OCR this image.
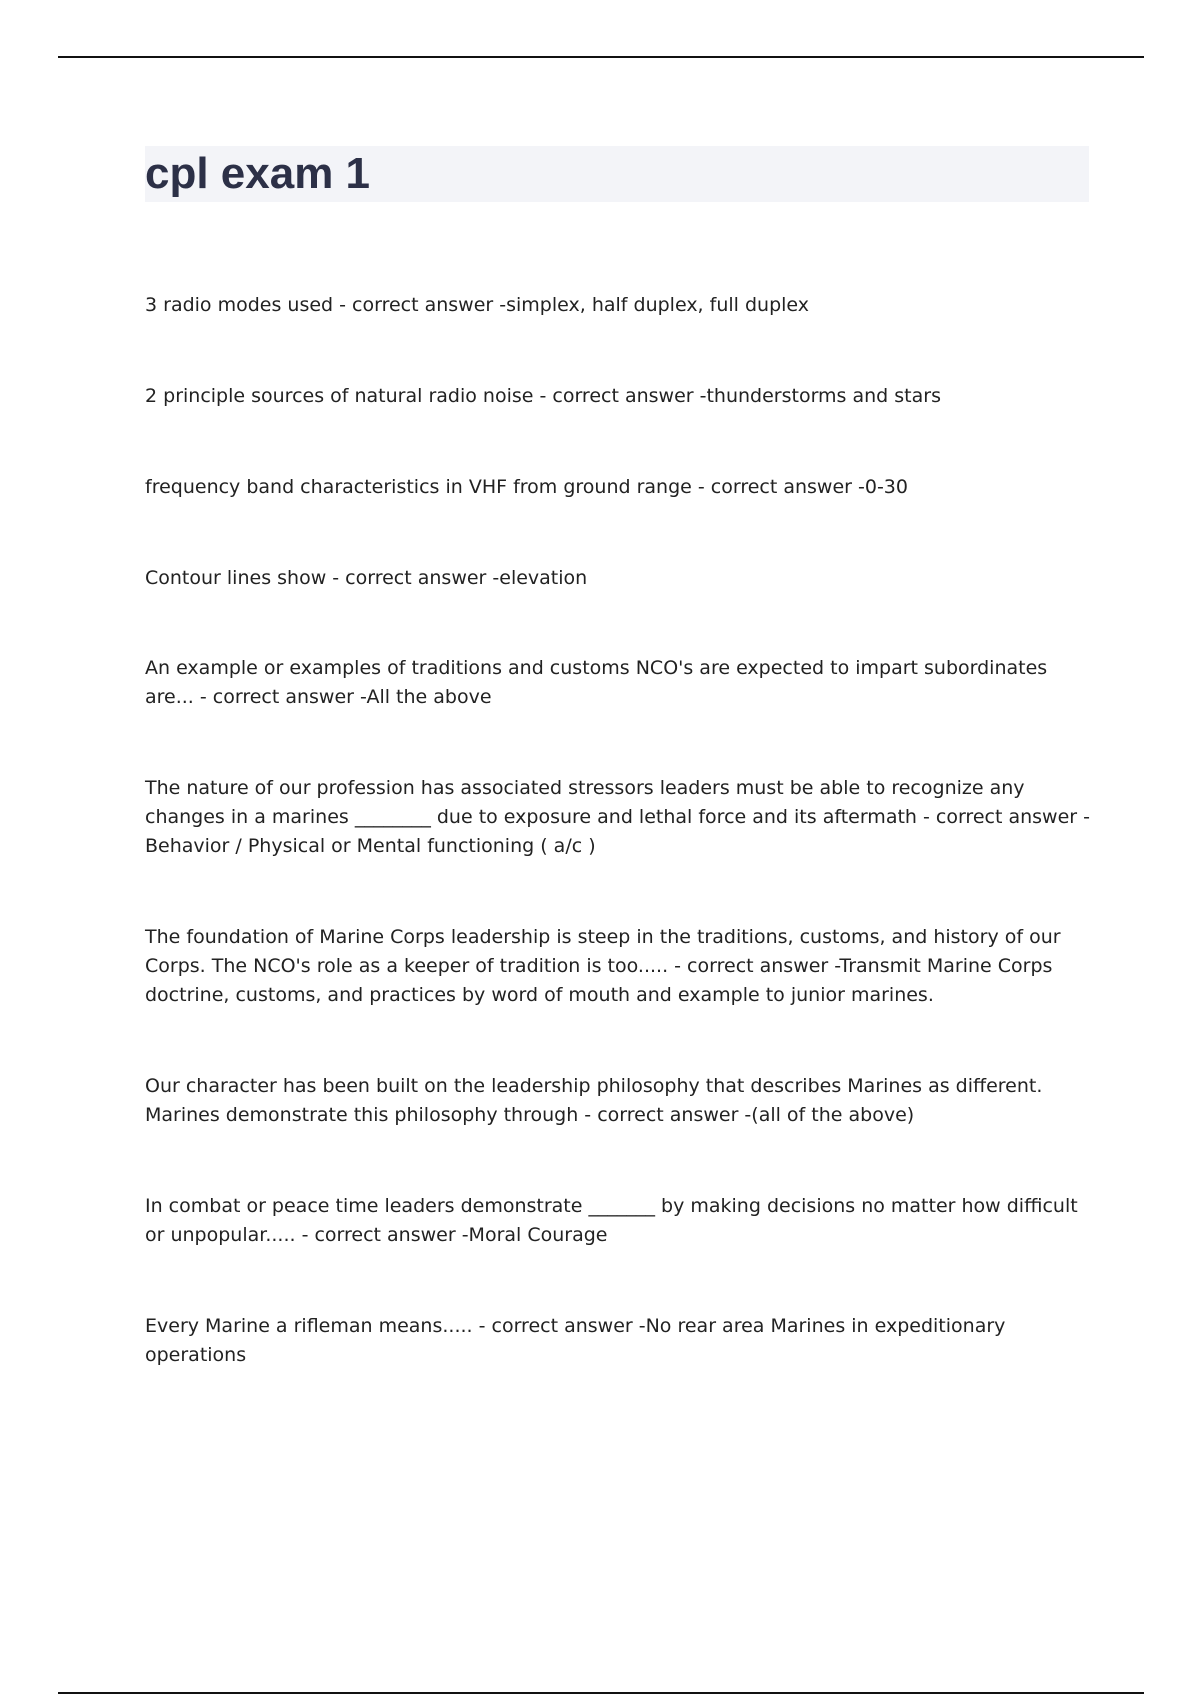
cpl exam 1

3 radio modes used - correct answer -simplex, half duplex, full duplex

2 principle sources of natural radio noise - correct answer -thunderstorms and stars

frequency band characteristics in VHF from ground range - correct answer -0-30

Contour lines show - correct answer -elevation

An example or examples of traditions and customs NCO's are expected to impart subordinates are... - correct answer -All the above

The nature of our profession has associated stressors leaders must be able to recognize any changes in a marines ________ due to exposure and lethal force and its aftermath - correct answer -Behavior / Physical or Mental functioning ( a/c )

The foundation of Marine Corps leadership is steep in the traditions, customs, and history of our Corps. The NCO's role as a keeper of tradition is too..... - correct answer -Transmit Marine Corps doctrine, customs, and practices by word of mouth and example to junior marines.

Our character has been built on the leadership philosophy that describes Marines as different. Marines demonstrate this philosophy through - correct answer -(all of the above)

In combat or peace time leaders demonstrate _______ by making decisions no matter how difficult or unpopular..... - correct answer -Moral Courage

Every Marine a rifleman means..... - correct answer -No rear area Marines in expeditionary operations
